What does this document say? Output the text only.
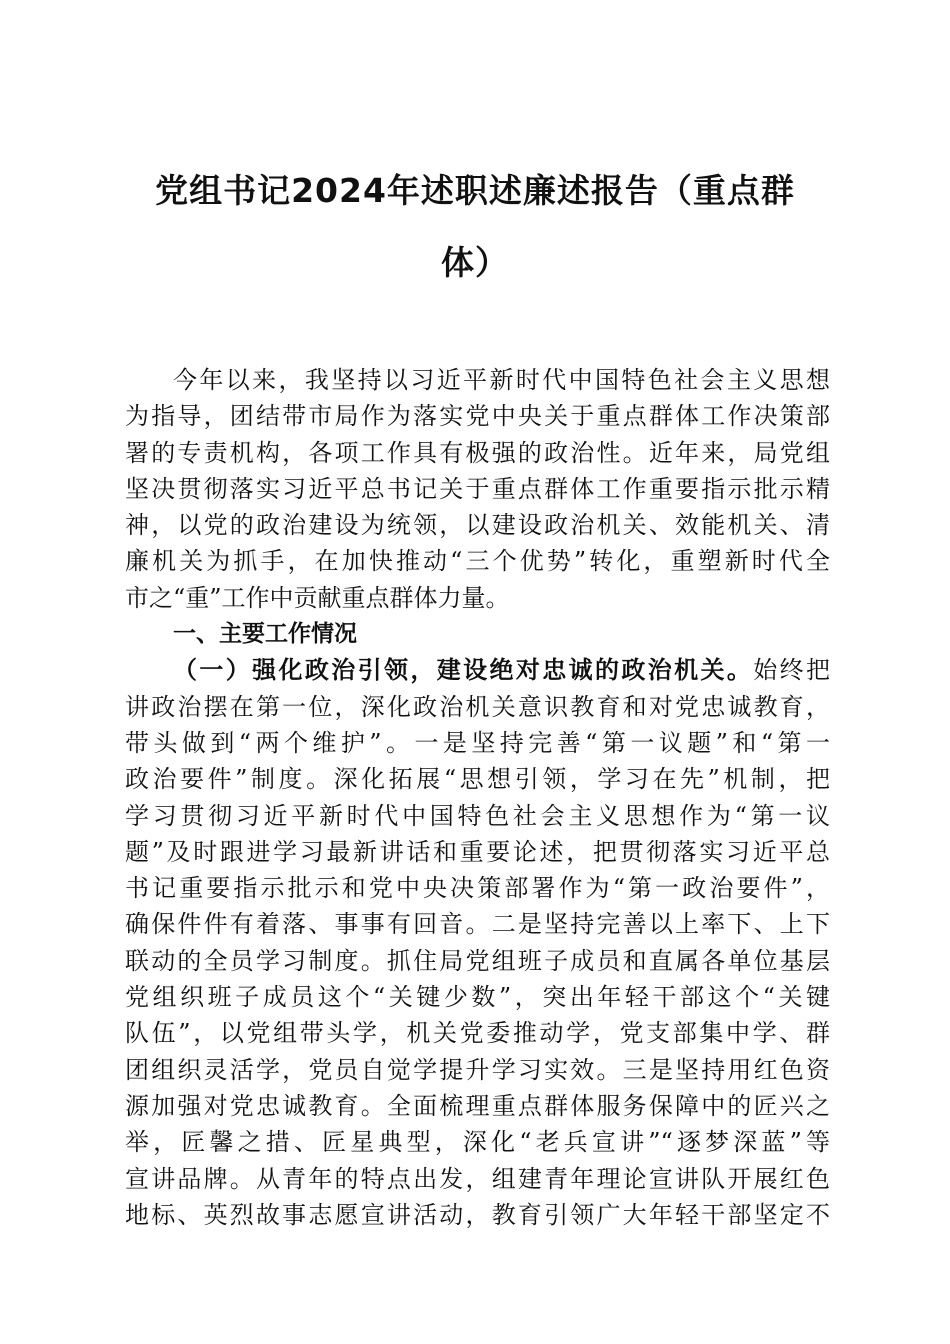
党组书记2024年述职述廉述报告（重点群
体）
今年以来，我坚持以习近平新时代中国特色社会主义思想
为指导，团结带市局作为落实党中央关于重点群体工作决策部
署的专责机构，各项工作具有极强的政治性。近年来，局党组
坚决贯彻落实习近平总书记关于重点群体工作重要指示批示精
神，以党的政治建设为统领，以建设政治机关、效能机关、清
廉机关为抓手，在加快推动“三个优势”转化，重塑新时代全
市之“重”工作中贡献重点群体力量。
一、主要工作情况
（一）强化政治引领，建设绝对忠诚的政治机关。始终把
讲政治摆在第一位，深化政治机关意识教育和对党忠诚教育，
带头做到“两个维护”。一是坚持完善“第一议题”和“第一
政治要件”制度。深化拓展“思想引领，学习在先”机制，把
学习贯彻习近平新时代中国特色社会主义思想作为“第一议
题”及时跟进学习最新讲话和重要论述，把贯彻落实习近平总
书记重要指示批示和党中央决策部署作为“第一政治要件”，
确保件件有着落、事事有回音。二是坚持完善以上率下、上下
联动的全员学习制度。抓住局党组班子成员和直属各单位基层
党组织班子成员这个“关键少数”，突出年轻干部这个“关键
队伍”，以党组带头学，机关党委推动学，党支部集中学、群
团组织灵活学，党员自觉学提升学习实效。三是坚持用红色资
源加强对党忠诚教育。全面梳理重点群体服务保障中的匠兴之
举，匠馨之措、匠星典型，深化“老兵宣讲”“逐梦深蓝”等
宣讲品牌。从青年的特点出发，组建青年理论宣讲队开展红色
地标、英烈故事志愿宣讲活动，教育引领广大年轻干部坚定不
